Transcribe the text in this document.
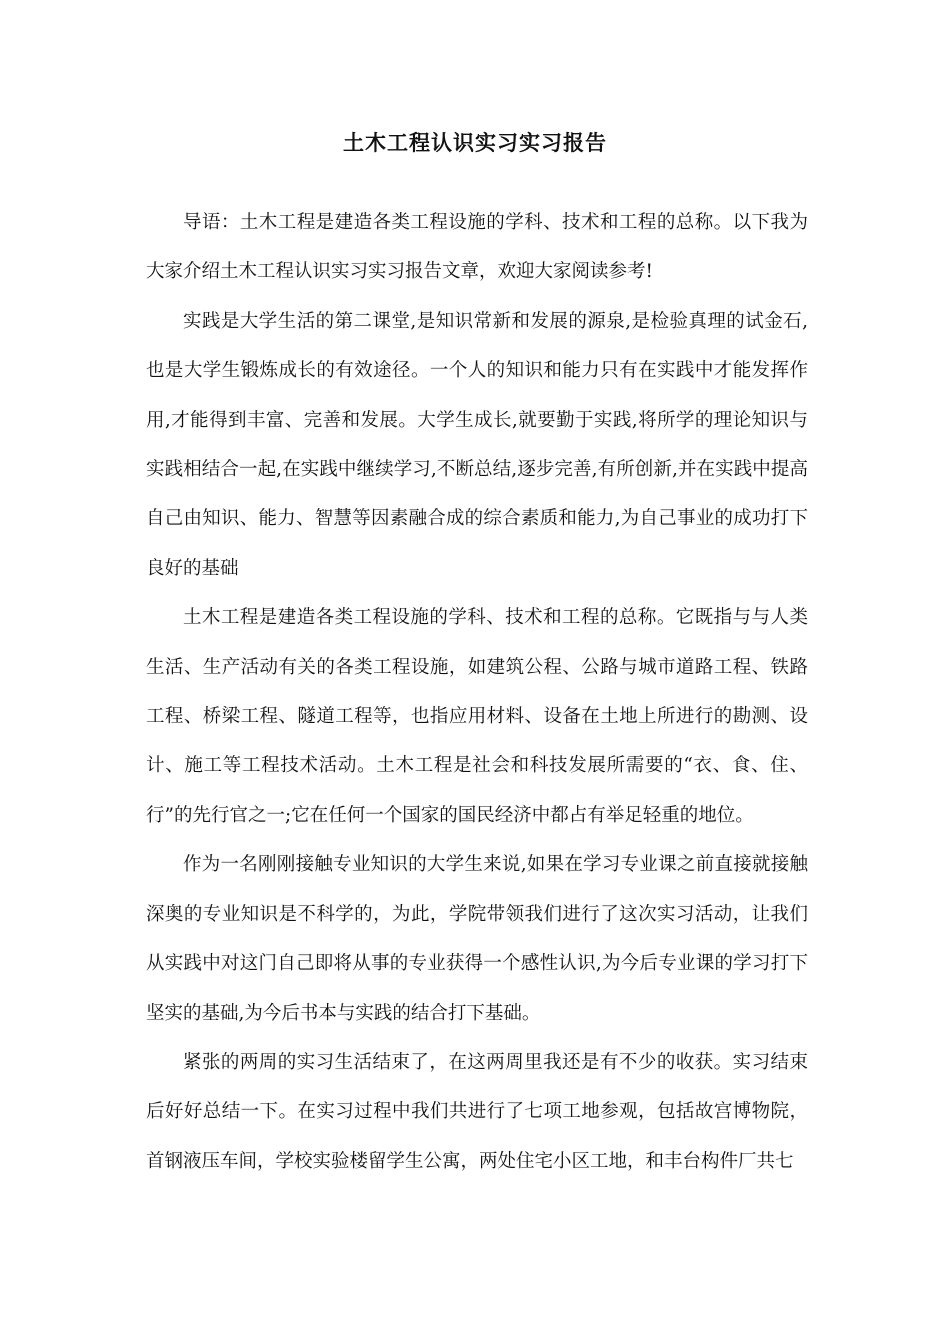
土木工程认识实习实习报告

导语：土木工程是建造各类工程设施的学科、技术和工程的总称。以下我为大家介绍土木工程认识实习实习报告文章，欢迎大家阅读参考!

实践是大学生活的第二课堂,是知识常新和发展的源泉,是检验真理的试金石,也是大学生锻炼成长的有效途径。一个人的知识和能力只有在实践中才能发挥作用,才能得到丰富、完善和发展。大学生成长,就要勤于实践,将所学的理论知识与实践相结合一起,在实践中继续学习,不断总结,逐步完善,有所创新,并在实践中提高自己由知识、能力、智慧等因素融合成的综合素质和能力,为自己事业的成功打下良好的基础

土木工程是建造各类工程设施的学科、技术和工程的总称。它既指与与人类生活、生产活动有关的各类工程设施，如建筑公程、公路与城市道路工程、铁路工程、桥梁工程、隧道工程等，也指应用材料、设备在土地上所进行的勘测、设计、施工等工程技术活动。土木工程是社会和科技发展所需要的“衣、食、住、行”的先行官之一;它在任何一个国家的国民经济中都占有举足轻重的地位。

作为一名刚刚接触专业知识的大学生来说,如果在学习专业课之前直接就接触深奥的专业知识是不科学的，为此，学院带领我们进行了这次实习活动，让我们从实践中对这门自己即将从事的专业获得一个感性认识,为今后专业课的学习打下坚实的基础,为今后书本与实践的结合打下基础。

紧张的两周的实习生活结束了，在这两周里我还是有不少的收获。实习结束后好好总结一下。在实习过程中我们共进行了七项工地参观，包括故宫博物院，首钢液压车间，学校实验楼留学生公寓，两处住宅小区工地，和丰台构件厂共七
